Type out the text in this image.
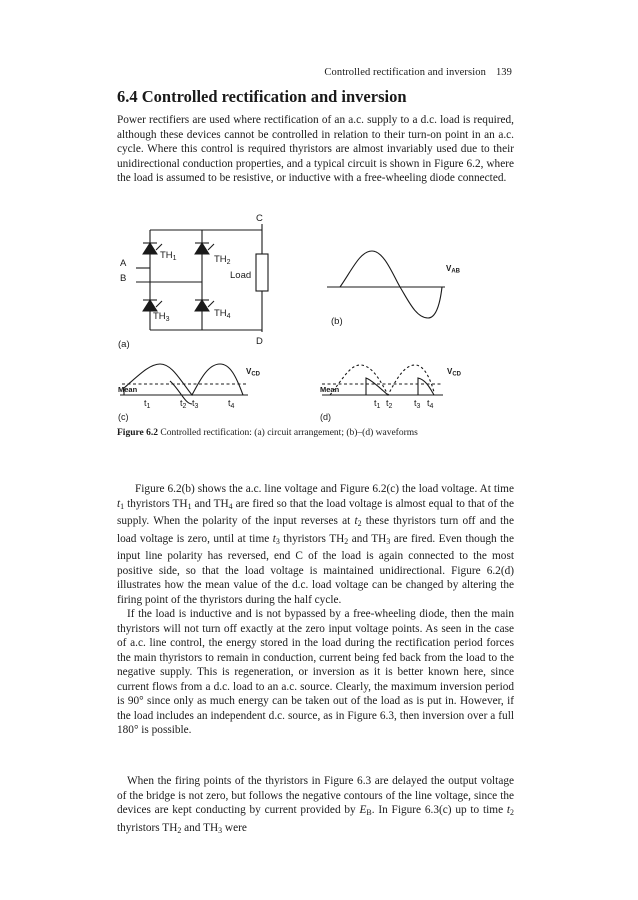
Controlled rectification and inversion 139
6.4 Controlled rectification and inversion

Power rectifiers are used where rectification of an a.c. supply to a d.c. load is required, although these devices cannot be controlled in relation to their turn-on point in an a.c. cycle. Where this control is required thyristors are almost invariably used due to their unidirectional conduction properties, and a typical circuit is shown in Figure 6.2, where the load is assumed to be resistive, or inductive with a free-wheeling diode connected.

C
D
A
B	Load
$TH_1$	$TH_2$
$TH_3$
$TH_4$
(a)
(b)
VAB
Mean
VCD
$t_1$	$t_2$ $t_3$	$t_4$
(c)
Mean
VCD
$t_1$ $t_2$ $t_3$ $t_4$
(d)
Figure 6.2 Controlled rectification: (a) circuit arrangement; (b)–(d) waveforms

Figure 6.2(b) shows the a.c. line voltage and Figure 6.2(c) the load voltage. At time $t_1$ thyristors $TH_1$ and $TH_4$ are fired so that the load voltage is almost equal to that of the supply. When the polarity of the input reverses at $t_2$ these thyristors turn off and the load voltage is zero, until at time $t_3$ thyristors $TH_2$ and $TH_3$ are fired. Even though the input line polarity has reversed, end C of the load is again connected to the most positive side, so that the load voltage is maintained unidirectional. Figure 6.2(d) illustrates how the mean value of the d.c. load voltage can be changed by altering the firing point of the thyristors during the half cycle.

If the load is inductive and is not bypassed by a free-wheeling diode, then the main thyristors will not turn off exactly at the zero input voltage points. As seen in the case of a.c. line control, the energy stored in the load during the rectification period forces the main thyristors to remain in conduction, current being fed back from the load to the negative supply. This is regeneration, or inversion as it is better known here, since current flows from a d.c. load to an a.c. source. Clearly, the maximum inversion period is 90° since only as much energy can be taken out of the load as is put in. However, if the load includes an independent d.c. source, as in Figure 6.3, then inversion over a full 180° is possible.

When the firing points of the thyristors in Figure 6.3 are delayed the output voltage of the bridge is not zero, but follows the negative contours of the line voltage, since the devices are kept conducting by current provided by $E_B$. In Figure 6.3(c) up to time $t_2$ thyristors $TH_2$ and $TH_3$ were
